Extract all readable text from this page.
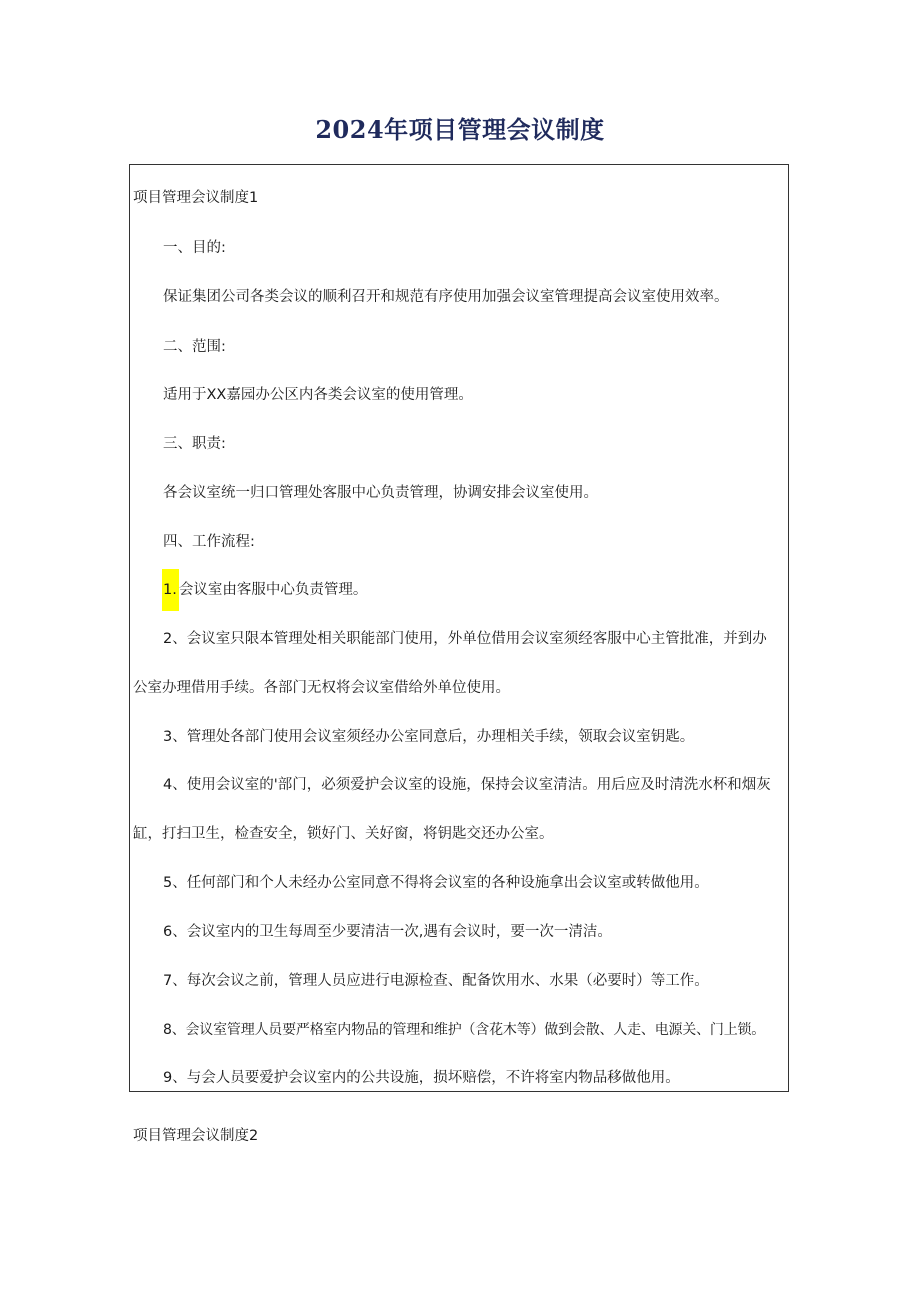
2024年项目管理会议制度
项目管理会议制度1
一、目的:
保证集团公司各类会议的顺利召开和规范有序使用加强会议室管理提高会议室使用效率。
二、范围:
适用于XX嘉园办公区内各类会议室的使用管理。
三、职责:
各会议室统一归口管理处客服中心负责管理，协调安排会议室使用。
四、工作流程:
1. 会议室由客服中心负责管理。
2、会议室只限本管理处相关职能部门使用，外单位借用会议室须经客服中心主管批准，并到办
公室办理借用手续。各部门无权将会议室借给外单位使用。
3、管理处各部门使用会议室须经办公室同意后，办理相关手续，领取会议室钥匙。
4、使用会议室的'部门，必须爱护会议室的设施，保持会议室清洁。用后应及时清洗水杯和烟灰
缸，打扫卫生，检查安全，锁好门、关好窗，将钥匙交还办公室。
5、任何部门和个人未经办公室同意不得将会议室的各种设施拿出会议室或转做他用。
6、会议室内的卫生每周至少要清洁一次,遇有会议时，要一次一清洁。
7、每次会议之前，管理人员应进行电源检查、配备饮用水、水果（必要时）等工作。
8、会议室管理人员要严格室内物品的管理和维护（含花木等）做到会散、人走、电源关、门上锁。
9、与会人员要爱护会议室内的公共设施，损坏赔偿，不许将室内物品移做他用。
项目管理会议制度2
